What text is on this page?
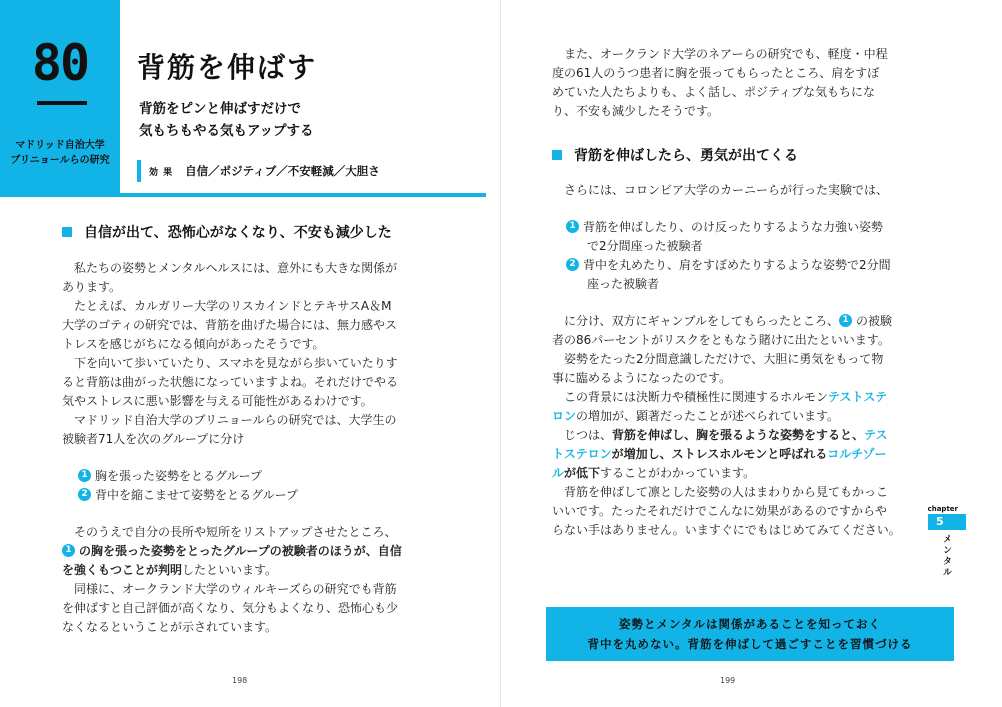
80
マドリッド自治大学
ブリニョールらの研究
背筋を伸ばす
背筋をピンと伸ばすだけで
気もちもやる気もアップする
効 果 自信／ポジティブ／不安軽減／大胆さ
自信が出て、恐怖心がなくなり、不安も減少した

　私たちの姿勢とメンタルヘルスには、意外にも大きな関係が

あります。

　たとえば、カルガリー大学のリスカインドとテキサスA＆M

大学のゴティの研究では、背筋を曲げた場合には、無力感やス

トレスを感じがちになる傾向があったそうです。

　下を向いて歩いていたり、スマホを見ながら歩いていたりす

ると背筋は曲がった状態になっていますよね。それだけでやる

気やストレスに悪い影響を与える可能性があるわけです。

　マドリッド自治大学のブリニョールらの研究では、大学生の

被験者71人を次のグループに分け

1 胸を張った姿勢をとるグループ

2 背中を縮こませて姿勢をとるグループ

　そのうえで自分の長所や短所をリストアップさせたところ、

1 の胸を張った姿勢をとったグループの被験者のほうが、自信

を強くもつことが判明したといいます。

　同様に、オークランド大学のウィルキーズらの研究でも背筋

を伸ばすと自己評価が高くなり、気分もよくなり、恐怖心も少

なくなるということが示されています。

198

　また、オークランド大学のネアーらの研究でも、軽度・中程

度の61人のうつ患者に胸を張ってもらったところ、肩をすぼ

めていた人たちよりも、よく話し、ポジティブな気もちにな

り、不安も減少したそうです。

背筋を伸ばしたら、勇気が出てくる

　さらには、コロンビア大学のカーニーらが行った実験では、

1 背筋を伸ばしたり、のけ反ったりするような力強い姿勢

で2分間座った被験者

2 背中を丸めたり、肩をすぼめたりするような姿勢で2分間

座った被験者

　に分け、双方にギャンブルをしてもらったところ、 1 の被験

者の86パーセントがリスクをともなう賭けに出たといいます。

　姿勢をたった2分間意識しただけで、大胆に勇気をもって物

事に臨めるようになったのです。

　この背景には決断力や積極性に関連するホルモンテストステ

ロンの増加が、顕著だったことが述べられています。

　じつは、背筋を伸ばし、胸を張るような姿勢をすると、テス

トステロンが増加し、ストレスホルモンと呼ばれるコルチゾー

ルが低下することがわかっています。

　背筋を伸ばして凛とした姿勢の人はまわりから見てもかっこ

いいです。たったそれだけでこんなに効果があるのですからや

らない手はありません。いますぐにでもはじめてみてください。

chapter
5
メンタル
姿勢とメンタルは関係があることを知っておく
背中を丸めない。背筋を伸ばして過ごすことを習慣づける
199
